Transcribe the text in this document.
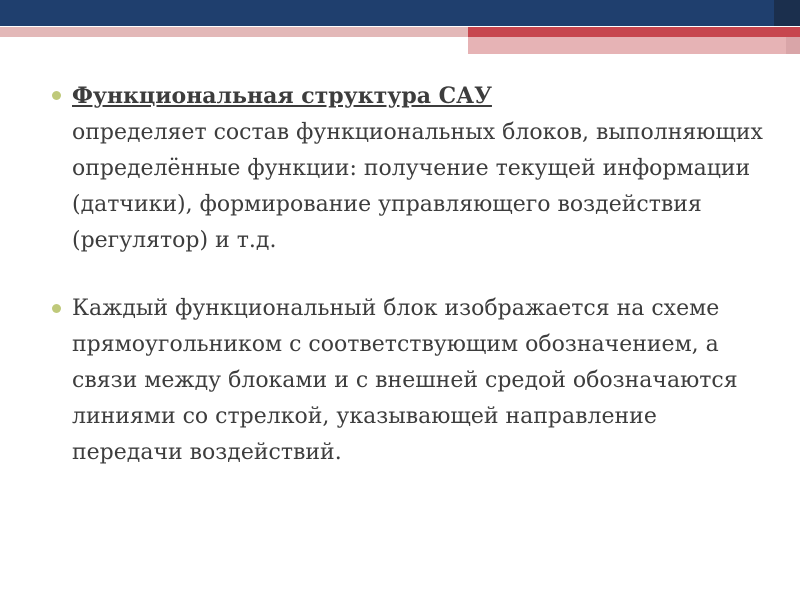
Функциональная структура САУ
определяет состав функциональных блоков, выполняющих определённые функции: получение текущей информации (датчики), формирование управляющего воздействия (регулятор) и т.д.
Каждый функциональный блок изображается на схеме прямоугольником с соответствующим обозначением, а связи между блоками и с внешней средой обозначаются линиями со стрелкой, указывающей направление передачи воздействий.
